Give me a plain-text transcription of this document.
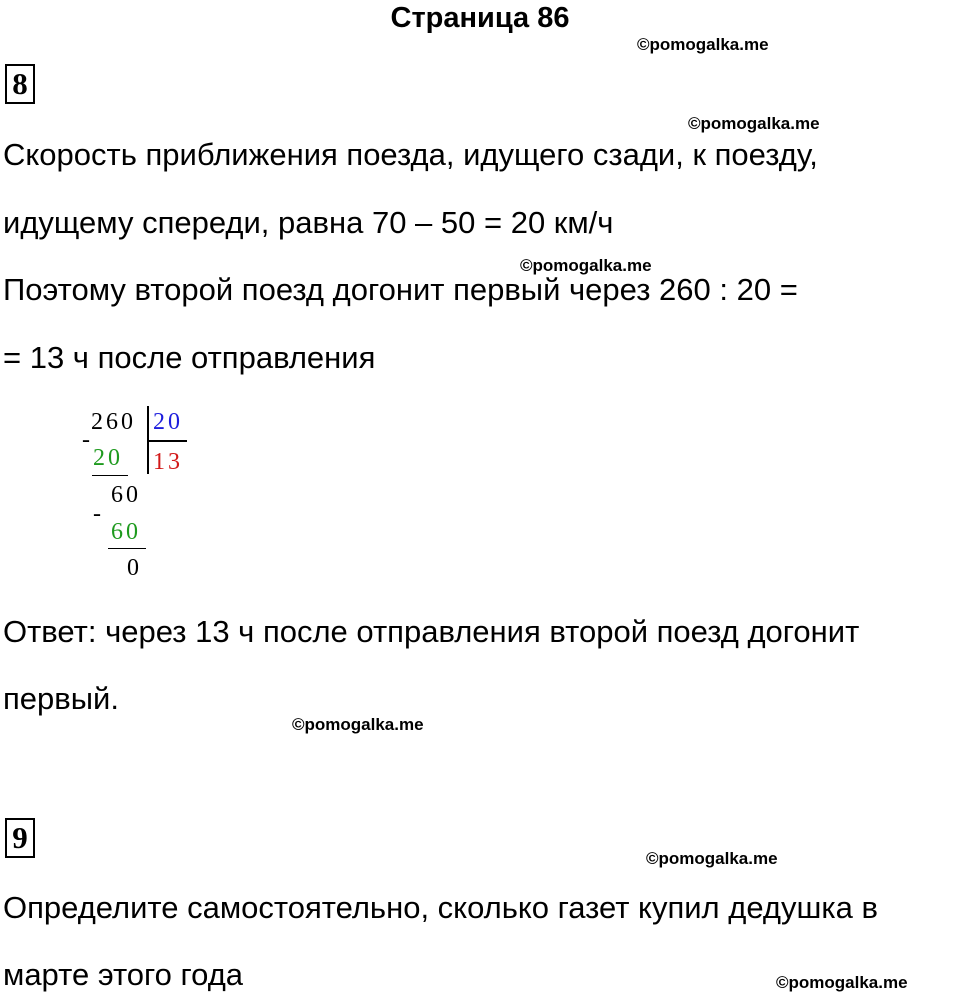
Страница 86
©pomogalka.me
©pomogalka.me
©pomogalka.me
©pomogalka.me
©pomogalka.me
©pomogalka.me
8
Скорость приближения поезда, идущего сзади, к поезду,
идущему спереди, равна 70 – 50 = 20 км/ч
Поэтому второй поезд догонит первый через 260 : 20 =
= 13 ч после отправления
260 20
-
20 13
60
-
60
0
Ответ: через 13 ч после отправления второй поезд догонит
первый.
9
Определите самостоятельно, сколько газет купил дедушка в
марте этого года
